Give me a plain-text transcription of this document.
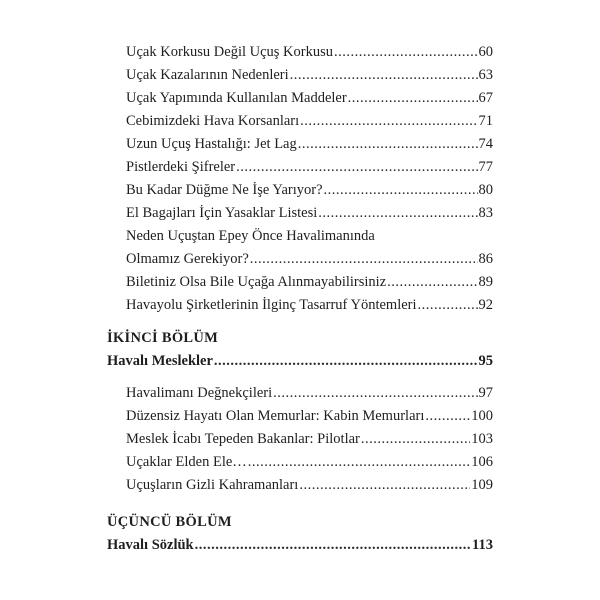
Uçak Korkusu Değil Uçuş Korkusu .....	60
Uçak Kazalarının Nedenleri .....	63
Uçak Yapımında Kullanılan Maddeler .....	67
Cebimizdeki Hava Korsanları .....	71
Uzun Uçuş Hastalığı: Jet Lag .....	74
Pistlerdeki Şifreler .....	77
Bu Kadar Düğme Ne İşe Yarıyor? .....	80
El Bagajları İçin Yasaklar Listesi .....	83
Neden Uçuştan Epey Önce Havalimanında
Olmamız Gerekiyor? .....	86
Biletiniz Olsa Bile Uçağa Alınmayabilirsiniz .....	89
Havayolu Şirketlerinin İlginç Tasarruf Yöntemleri .....	92
İKİNCİ BÖLÜM
Havalı Meslekler .....	95
Havalimanı Değnekçileri .....	97
Düzensiz Hayatı Olan Memurlar: Kabin Memurları .....	100
Meslek İcabı Tepeden Bakanlar: Pilotlar .....	103
Uçaklar Elden Ele… .....	106
Uçuşların Gizli Kahramanları .....	109
ÜÇÜNCÜ BÖLÜM
Havalı Sözlük .....	113
